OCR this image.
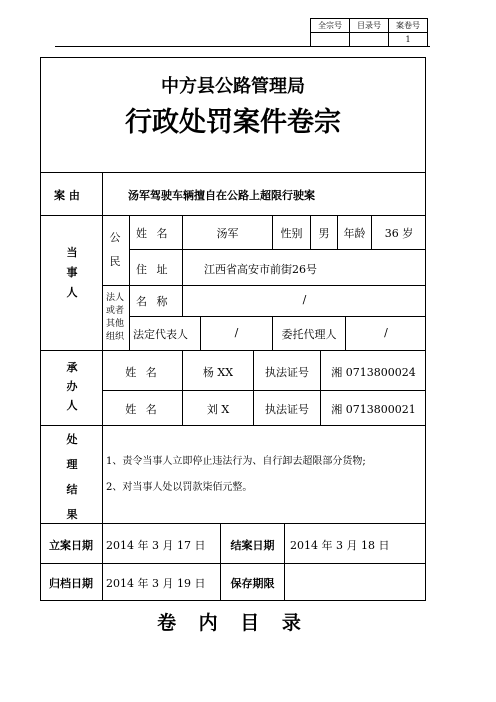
全宗号	目录号	案卷号
		1
中方县公路管理局
行政处罚案件卷宗
案 由	汤军驾驶车辆擅自在公路上超限行驶案
当
事
人
公
民
姓 名	汤军	性别	男	年龄	36 岁
住 址	江西省高安市前街26号
法人
或者
其他
组织
名 称	/
法定代表人	/	委托代理人	/
承
办
人
姓 名	杨 XX	执法证号	湘 0713800024
姓 名	刘 X	执法证号	湘 0713800021
处
理
结
果
1、责令当事人立即停止违法行为、自行卸去超限部分货物;
2、对当事人处以罚款柒佰元整。
立案日期	2014 年 3 月 17 日	结案日期	2014 年 3 月 18 日
归档日期	2014 年 3 月 19 日	保存期限
卷 内 目 录
